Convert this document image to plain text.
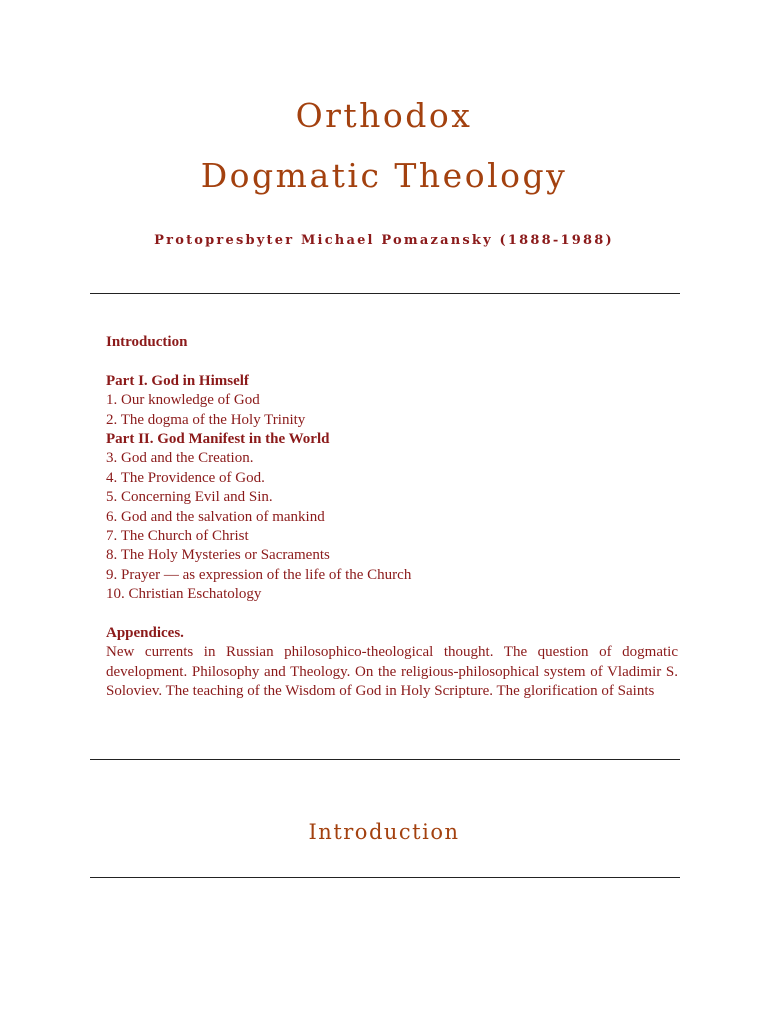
Orthodox
Dogmatic Theology
Protopresbyter Michael Pomazansky (1888-1988)
Introduction
Part I. God in Himself
1. Our knowledge of God
2. The dogma of the Holy Trinity
Part II. God Manifest in the World
3. God and the Creation.
4. The Providence of God.
5. Concerning Evil and Sin.
6. God and the salvation of mankind
7. The Church of Christ
8. The Holy Mysteries or Sacraments
9. Prayer — as expression of the life of the Church
10. Christian Eschatology
Appendices.
New currents in Russian philosophico-theological thought. The question of dogmatic development. Philosophy and Theology. On the religious-philosophical system of Vladimir S. Soloviev. The teaching of the Wisdom of God in Holy Scripture. The glorification of Saints
Introduction
